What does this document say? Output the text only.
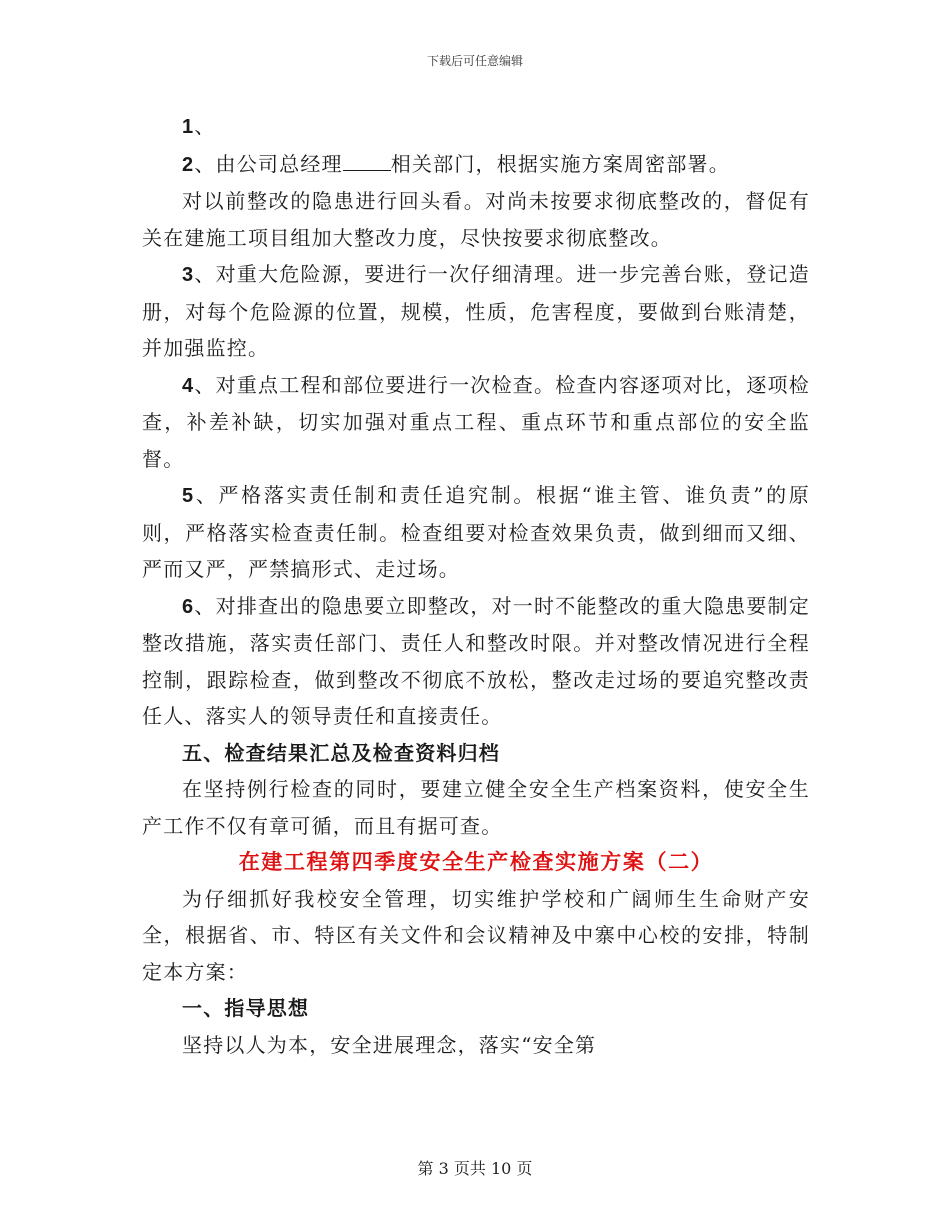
下载后可任意编辑

1、

2、由公司总经理 相关部门，根据实施方案周密部署。

对以前整改的隐患进行回头看。对尚未按要求彻底整改的，督促有关在建施工项目组加大整改力度，尽快按要求彻底整改。

3、对重大危险源，要进行一次仔细清理。进一步完善台账，登记造册，对每个危险源的位置，规模，性质，危害程度，要做到台账清楚，并加强监控。

4、对重点工程和部位要进行一次检查。检查内容逐项对比，逐项检查，补差补缺，切实加强对重点工程、重点环节和重点部位的安全监督。

5、严格落实责任制和责任追究制。根据“谁主管、谁负责”的原则，严格落实检查责任制。检查组要对检查效果负责，做到细而又细、严而又严，严禁搞形式、走过场。

6、对排查出的隐患要立即整改，对一时不能整改的重大隐患要制定整改措施，落实责任部门、责任人和整改时限。并对整改情况进行全程控制，跟踪检查，做到整改不彻底不放松，整改走过场的要追究整改责任人、落实人的领导责任和直接责任。

五、检查结果汇总及检查资料归档

在坚持例行检查的同时，要建立健全安全生产档案资料，使安全生产工作不仅有章可循，而且有据可查。

在建工程第四季度安全生产检查实施方案（二）

为仔细抓好我校安全管理，切实维护学校和广阔师生生命财产安全，根据省、市、特区有关文件和会议精神及中寨中心校的安排，特制定本方案：

一、指导思想

坚持以人为本，安全进展理念，落实“安全第

第 3 页共 10 页
